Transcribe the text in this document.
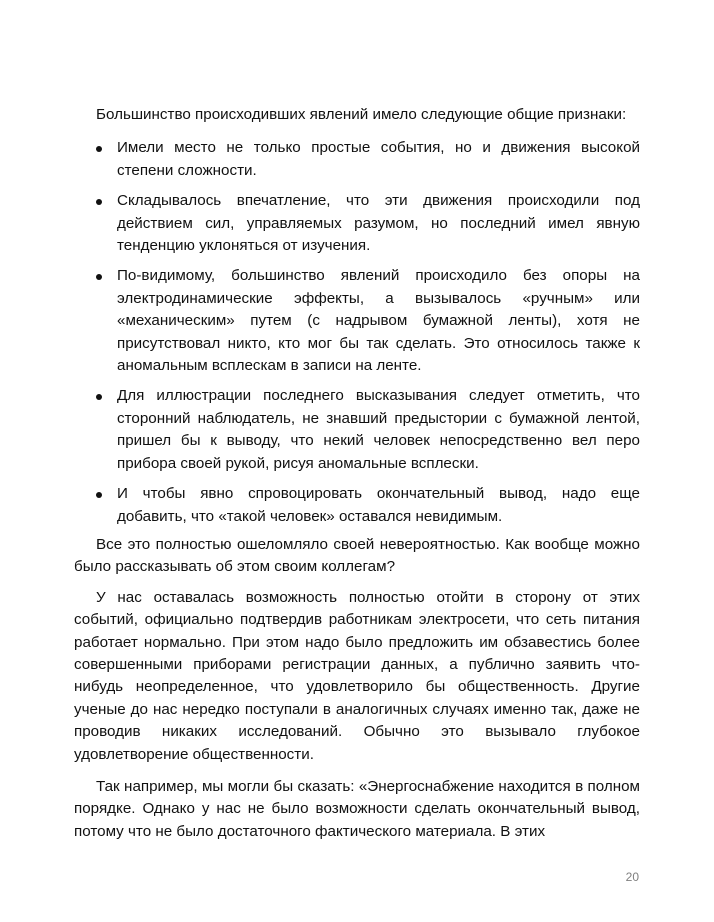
Большинство происходивших явлений имело следующие общие признаки:

Имели место не только простые события, но и движения высокой степени сложности.
Складывалось впечатление, что эти движения происходили под действием сил, управляемых разумом, но последний имел явную тенденцию уклоняться от изучения.
По-видимому, большинство явлений происходило без опоры на электродинамические эффекты, а вызывалось «ручным» или «механическим» путем (с надрывом бумажной ленты), хотя не присутствовал никто, кто мог бы так сделать. Это относилось также к аномальным всплескам в записи на ленте.
Для иллюстрации последнего высказывания следует отметить, что сторонний наблюдатель, не знавший предыстории с бумажной лентой, пришел бы к выводу, что некий человек непосредственно вел перо прибора своей рукой, рисуя аномальные всплески.
И чтобы явно спровоцировать окончательный вывод, надо еще добавить, что «такой человек» оставался невидимым.

Все это полностью ошеломляло своей невероятностью. Как вообще можно было рассказывать об этом своим коллегам?

У нас оставалась возможность полностью отойти в сторону от этих событий, официально подтвердив работникам электросети, что сеть питания работает нормально. При этом надо было предложить им обзавестись более совершенными приборами регистрации данных, а публично заявить что-нибудь неопределенное, что удовлетворило бы общественность. Другие ученые до нас нередко поступали в аналогичных случаях именно так, даже не проводив никаких исследований. Обычно это вызывало глубокое удовлетворение общественности.

Так например, мы могли бы сказать: «Энергоснабжение находится в полном порядке. Однако у нас не было возможности сделать окончательный вывод, потому что не было достаточного фактического материала. В этих

20
